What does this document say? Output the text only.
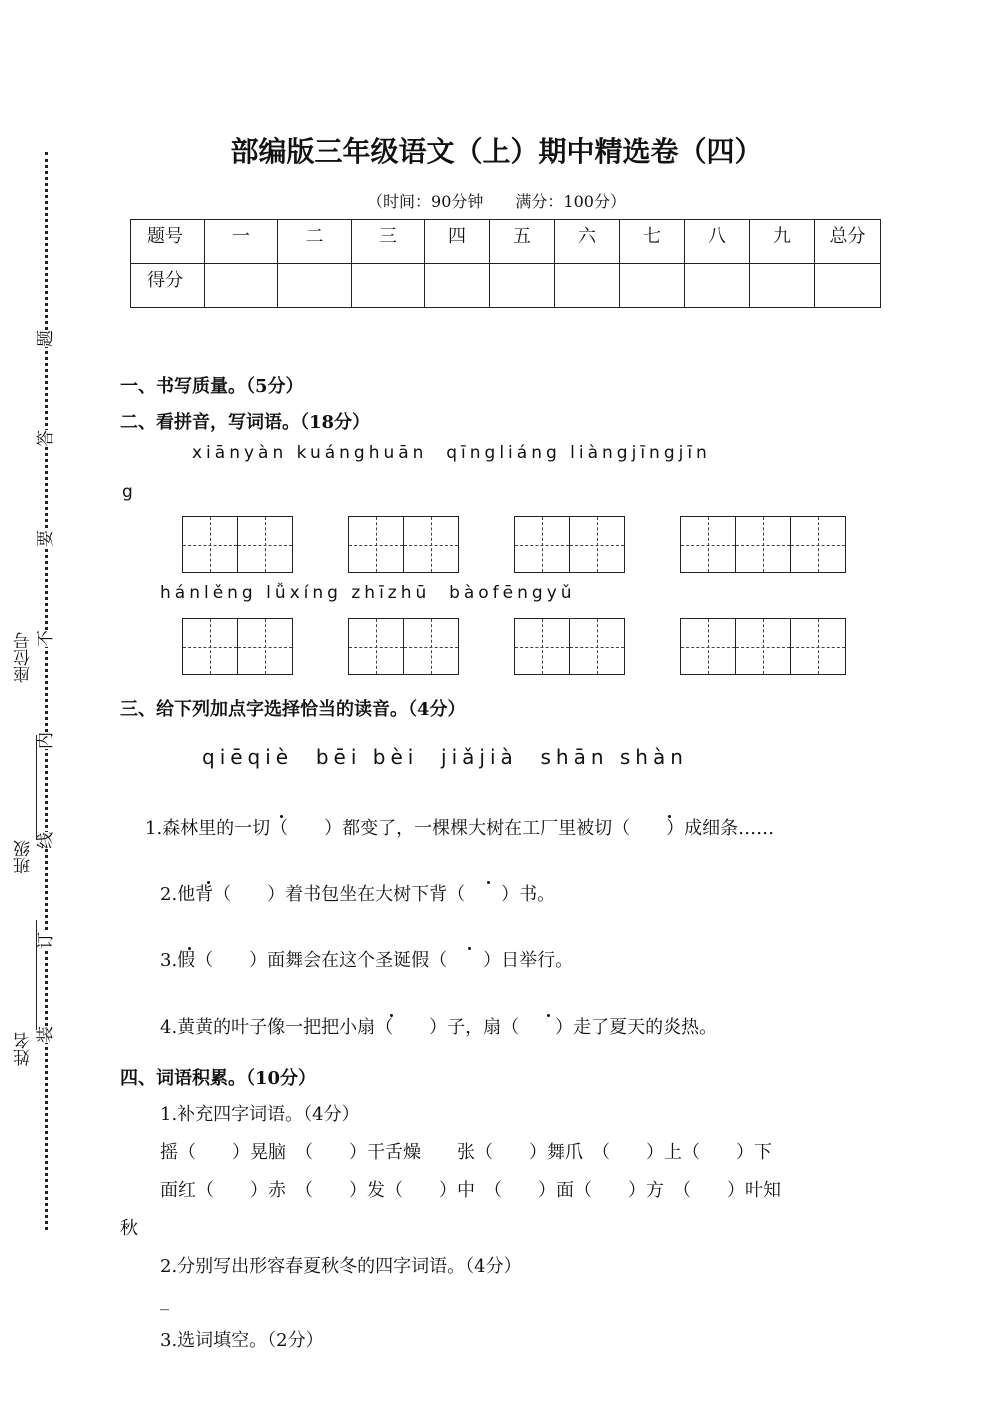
题
答
要
不
内
线
订
装
座位号
班级
姓名
部编版三年级语文（上）期中精选卷（四）
（时间：90分钟　　满分：100分）
题号	一	二	三	四	五	六	七	八	九	总分
得分										
一、书写质量。（5分）
二、看拼音，写词语。（18分）
xiānyàn kuánghuān  qīngliáng liàngjīngjīn
g
hánlěng lǚxíng zhīzhū  bàofēngyǔ
三、给下列加点字选择恰当的读音。（4分）
qiēqiè  bēi bèi  jiǎjià  shān shàn
1.森林里的一切（　　）都变了，一棵棵大树在工厂里被切（　　）成细条……
2.他背（　　）着书包坐在大树下背（　　）书。
3.假（　　）面舞会在这个圣诞假（　　）日举行。
4.黄黄的叶子像一把把小扇（　　）子，扇（　　）走了夏天的炎热。
四、词语积累。（10分）
1.补充四字词语。（4分）
摇（　　）晃脑　（　　）干舌燥　　张（　　）舞爪　（　　）上（　　）下
面红（　　）赤　（　　）发（　　）中　（　　）面（　　）方　（　　）叶知
秋
2.分别写出形容春夏秋冬的四字词语。（4分）
_
3.选词填空。（2分）
